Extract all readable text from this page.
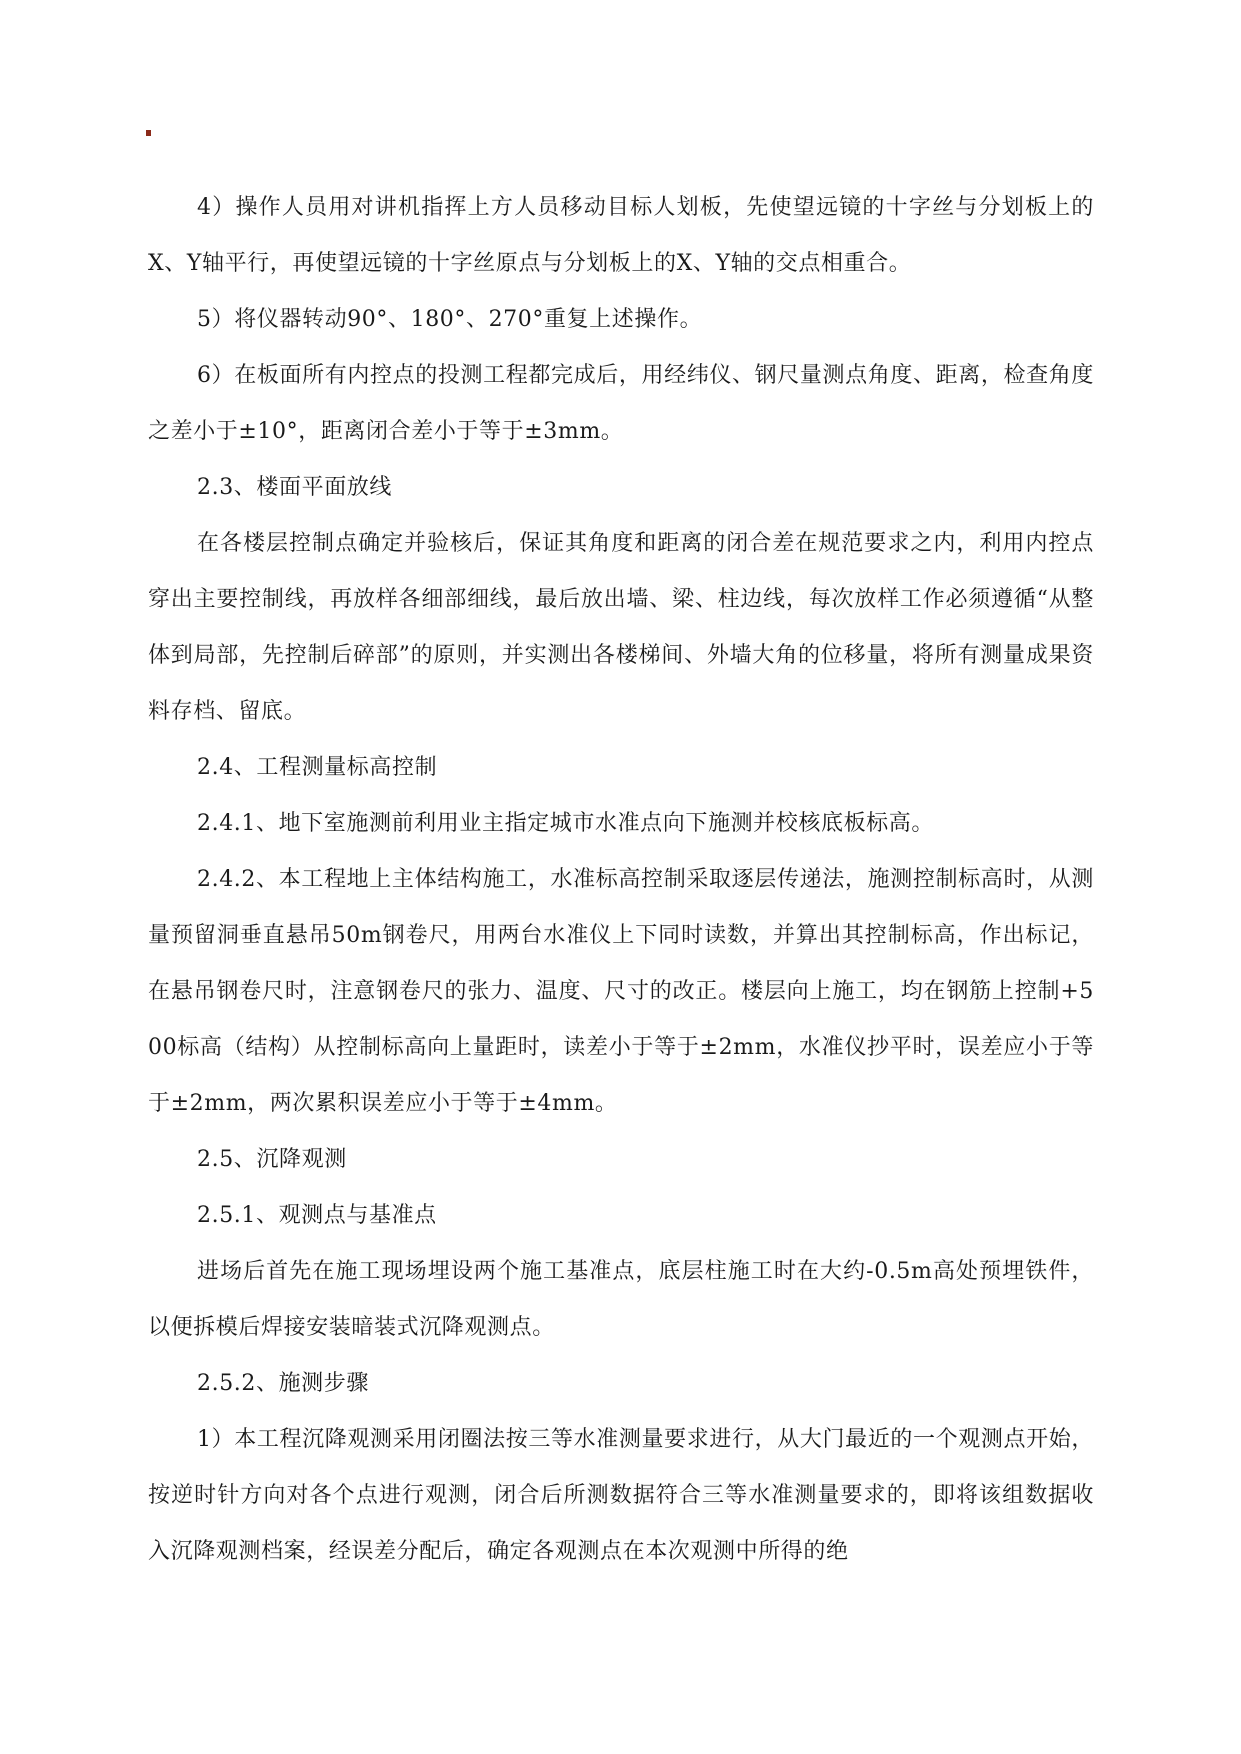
4）操作人员用对讲机指挥上方人员移动目标人划板，先使望远镜的十字丝与分划板上的X、Y轴平行，再使望远镜的十字丝原点与分划板上的X、Y轴的交点相重合。

5）将仪器转动90°、180°、270°重复上述操作。

6）在板面所有内控点的投测工程都完成后，用经纬仪、钢尺量测点角度、距离，检查角度之差小于±10°，距离闭合差小于等于±3mm。

2.3、楼面平面放线

在各楼层控制点确定并验核后，保证其角度和距离的闭合差在规范要求之内，利用内控点穿出主要控制线，再放样各细部细线，最后放出墙、梁、柱边线，每次放样工作必须遵循“从整体到局部，先控制后碎部”的原则，并实测出各楼梯间、外墙大角的位移量，将所有测量成果资料存档、留底。

2.4、工程测量标高控制

2.4.1、地下室施测前利用业主指定城市水准点向下施测并校核底板标高。

2.4.2、本工程地上主体结构施工，水准标高控制采取逐层传递法，施测控制标高时，从测量预留洞垂直悬吊50m钢卷尺，用两台水准仪上下同时读数，并算出其控制标高，作出标记，在悬吊钢卷尺时，注意钢卷尺的张力、温度、尺寸的改正。楼层向上施工，均在钢筋上控制+500标高（结构）从控制标高向上量距时，读差小于等于±2mm，水准仪抄平时，误差应小于等于±2mm，两次累积误差应小于等于±4mm。

2.5、沉降观测

2.5.1、观测点与基准点

进场后首先在施工现场埋设两个施工基准点，底层柱施工时在大约-0.5m高处预埋铁件，以便拆模后焊接安装暗装式沉降观测点。

2.5.2、施测步骤

1）本工程沉降观测采用闭圈法按三等水准测量要求进行，从大门最近的一个观测点开始，按逆时针方向对各个点进行观测，闭合后所测数据符合三等水准测量要求的，即将该组数据收入沉降观测档案，经误差分配后，确定各观测点在本次观测中所得的绝
